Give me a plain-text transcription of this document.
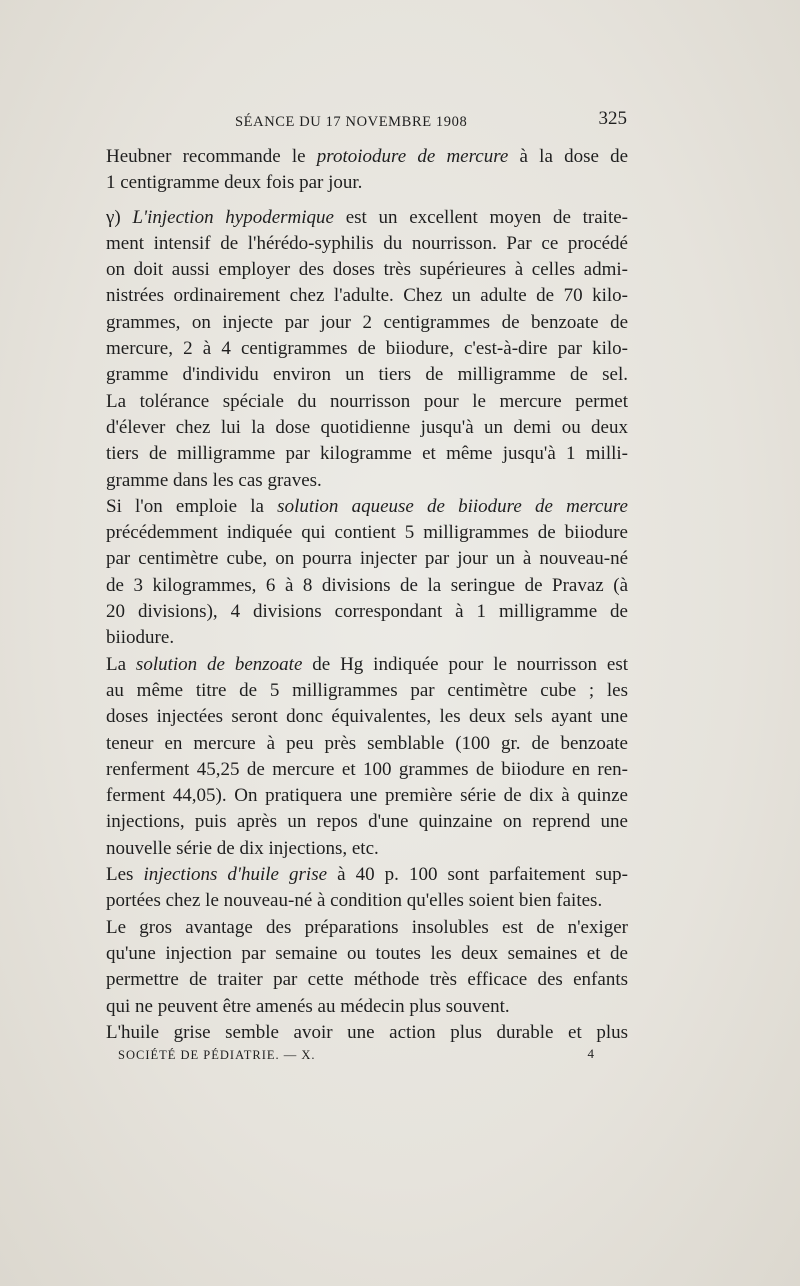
SÉANCE DU 17 NOVEMBRE 1908	325
Heubner recommande le protoiodure de mercure à la dose de
1 centigramme deux fois par jour.
γ) L'injection hypodermique est un excellent moyen de traite-
ment intensif de l'hérédo-syphilis du nourrisson. Par ce procédé
on doit aussi employer des doses très supérieures à celles admi-
nistrées ordinairement chez l'adulte. Chez un adulte de 70 kilo-
grammes, on injecte par jour 2 centigrammes de benzoate de
mercure, 2 à 4 centigrammes de biiodure, c'est-à-dire par kilo-
gramme d'individu environ un tiers de milligramme de sel.
La tolérance spéciale du nourrisson pour le mercure permet
d'élever chez lui la dose quotidienne jusqu'à un demi ou deux
tiers de milligramme par kilogramme et même jusqu'à 1 milli-
gramme dans les cas graves.
Si l'on emploie la solution aqueuse de biiodure de mercure
précédemment indiquée qui contient 5 milligrammes de biiodure
par centimètre cube, on pourra injecter par jour un à nouveau-né
de 3 kilogrammes, 6 à 8 divisions de la seringue de Pravaz (à
20 divisions), 4 divisions correspondant à 1 milligramme de
biiodure.
La solution de benzoate de Hg indiquée pour le nourrisson est
au même titre de 5 milligrammes par centimètre cube ; les
doses injectées seront donc équivalentes, les deux sels ayant une
teneur en mercure à peu près semblable (100 gr. de benzoate
renferment 45,25 de mercure et 100 grammes de biiodure en ren-
ferment 44,05). On pratiquera une première série de dix à quinze
injections, puis après un repos d'une quinzaine on reprend une
nouvelle série de dix injections, etc.
Les injections d'huile grise à 40 p. 100 sont parfaitement sup-
portées chez le nouveau-né à condition qu'elles soient bien faites.
Le gros avantage des préparations insolubles est de n'exiger
qu'une injection par semaine ou toutes les deux semaines et de
permettre de traiter par cette méthode très efficace des enfants
qui ne peuvent être amenés au médecin plus souvent.
L'huile grise semble avoir une action plus durable et plus
SOCIÉTÉ DE PÉDIATRIE. — X.	4
